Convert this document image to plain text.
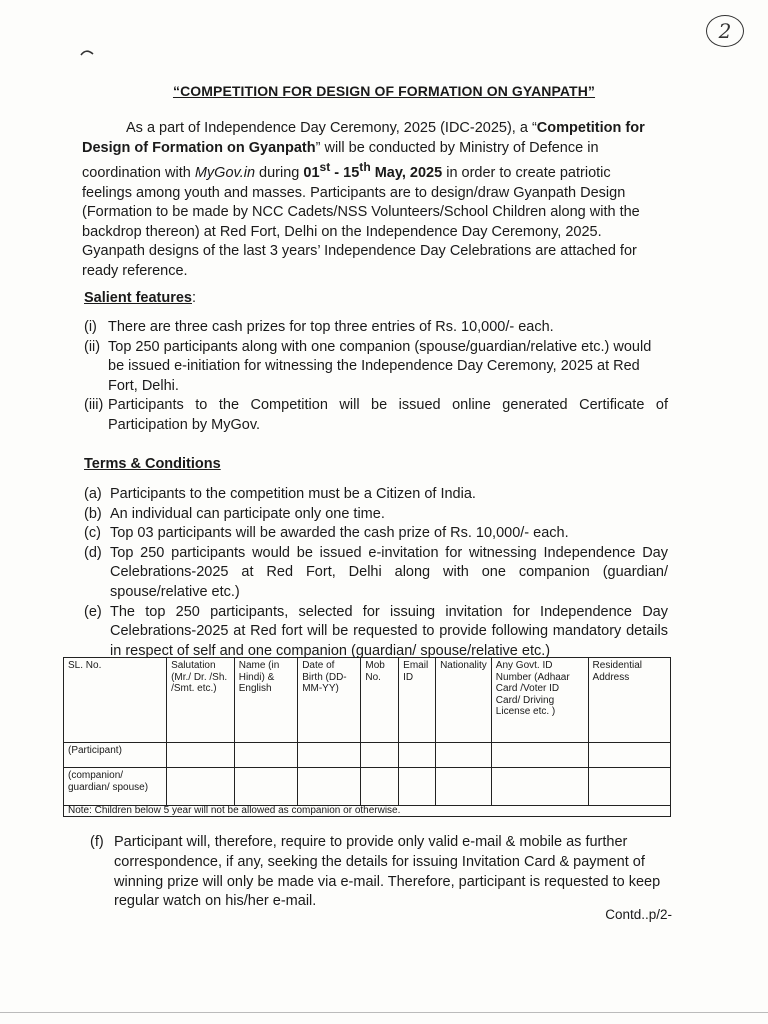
2
“COMPETITION FOR DESIGN OF FORMATION ON GYANPATH”
As a part of Independence Day Ceremony, 2025 (IDC-2025), a “Competition for Design of Formation on Gyanpath” will be conducted by Ministry of Defence in coordination with MyGov.in during 01st - 15th May, 2025 in order to create patriotic feelings among youth and masses. Participants are to design/draw Gyanpath Design (Formation to be made by NCC Cadets/NSS Volunteers/School Children along with the backdrop thereon) at Red Fort, Delhi on the Independence Day Ceremony, 2025. Gyanpath designs of the last 3 years’ Independence Day Celebrations are attached for ready reference.
Salient features:
(i) There are three cash prizes for top three entries of Rs. 10,000/- each.
(ii) Top 250 participants along with one companion (spouse/guardian/relative etc.) would be issued e-initiation for witnessing the Independence Day Ceremony, 2025 at Red Fort, Delhi.
(iii) Participants to the Competition will be issued online generated Certificate of Participation by MyGov.
Terms & Conditions
(a) Participants to the competition must be a Citizen of India.
(b) An individual can participate only one time.
(c) Top 03 participants will be awarded the cash prize of Rs. 10,000/- each.
(d) Top 250 participants would be issued e-invitation for witnessing Independence Day Celebrations-2025 at Red Fort, Delhi along with one companion (guardian/ spouse/relative etc.)
(e) The top 250 participants, selected for issuing invitation for Independence Day Celebrations-2025 at Red fort will be requested to provide following mandatory details in respect of self and one companion (guardian/ spouse/relative etc.)
SL. No.	Salutation (Mr./ Dr. /Sh. /Smt. etc.)	Name (in Hindi) & English	Date of Birth (DD-MM-YY)	Mob No.	Email ID	Nationality	Any Govt. ID Number (Adhaar Card /Voter ID Card/ Driving License etc. )	Residential Address
(Participant)								
(companion/ guardian/ spouse)								
Note: Children below 5 year will not be allowed as companion or otherwise.								
(f) Participant will, therefore, require to provide only valid e-mail & mobile as further correspondence, if any, seeking the details for issuing Invitation Card & payment of winning prize will only be made via e-mail. Therefore, participant is requested to keep regular watch on his/her e-mail.
Contd..p/2-
